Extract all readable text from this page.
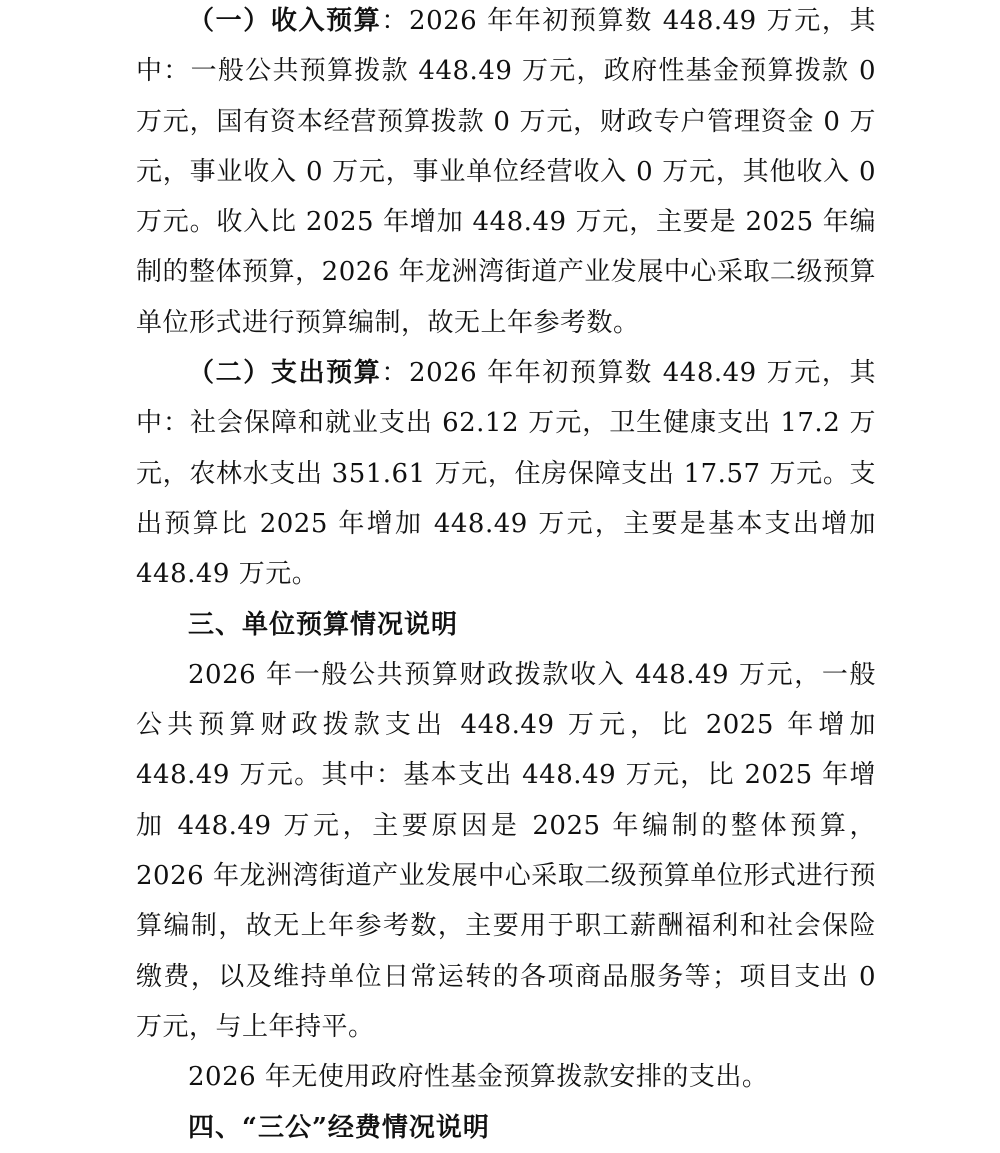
（一）收入预算：2026 年年初预算数 448.49 万元，其中：一般公共预算拨款 448.49 万元，政府性基金预算拨款 0 万元，国有资本经营预算拨款 0 万元，财政专户管理资金 0 万元，事业收入 0 万元，事业单位经营收入 0 万元，其他收入 0 万元。收入比 2025 年增加 448.49 万元，主要是 2025 年编制的整体预算，2026 年龙洲湾街道产业发展中心采取二级预算单位形式进行预算编制，故无上年参考数。

（二）支出预算：2026 年年初预算数 448.49 万元，其中：社会保障和就业支出 62.12 万元，卫生健康支出 17.2 万元，农林水支出 351.61 万元，住房保障支出 17.57 万元。支出预算比 2025 年增加 448.49 万元，主要是基本支出增加 448.49 万元。

三、单位预算情况说明

2026 年一般公共预算财政拨款收入 448.49 万元，一般公共预算财政拨款支出 448.49 万元，比 2025 年增加 448.49 万元。其中：基本支出 448.49 万元，比 2025 年增加 448.49 万元，主要原因是 2025 年编制的整体预算，2026 年龙洲湾街道产业发展中心采取二级预算单位形式进行预算编制，故无上年参考数，主要用于职工薪酬福利和社会保险缴费，以及维持单位日常运转的各项商品服务等；项目支出 0 万元，与上年持平。

2026 年无使用政府性基金预算拨款安排的支出。

四、“三公”经费情况说明
